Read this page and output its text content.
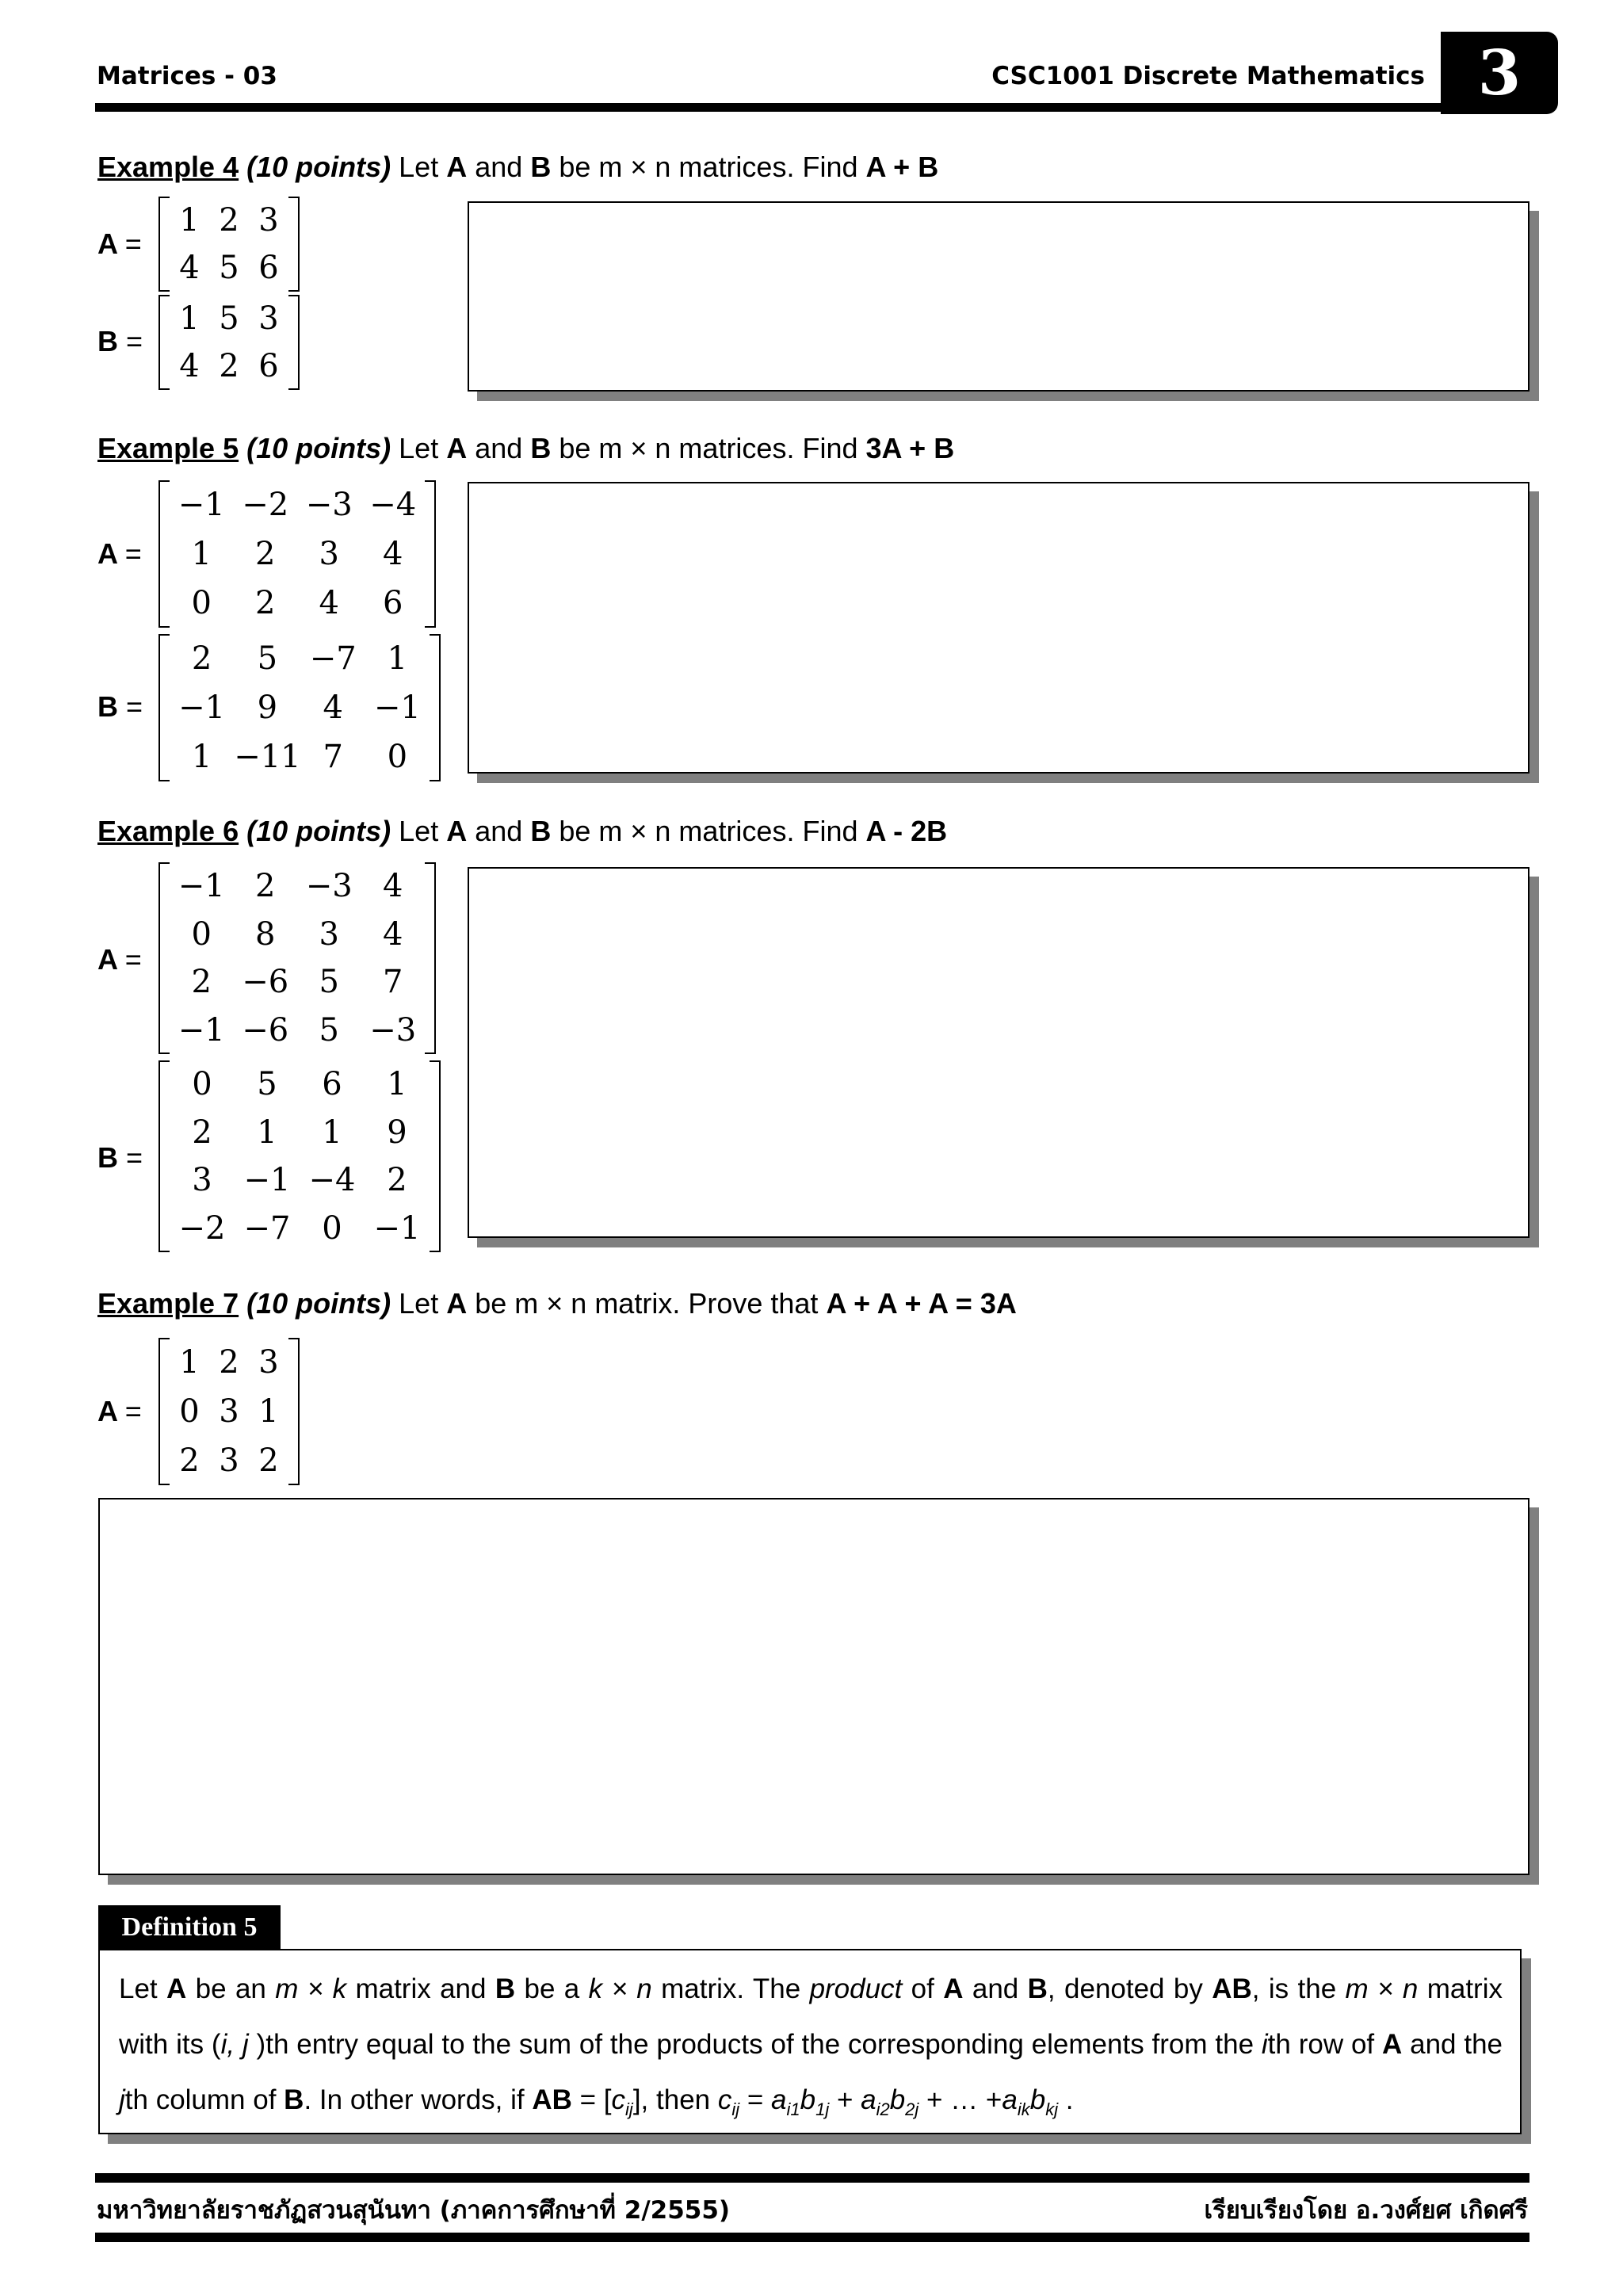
Matrices - 03	CSC1001 Discrete Mathematics 3
Example 4 (10 points) Let A and B be m × n matrices. Find A + B
A =
1 2 3
4 5 6
B =
1 5 3
4 2 6
Example 5 (10 points) Let A and B be m × n matrices. Find 3A + B
A =
−1 −2 −3 −4
1	2	3	4
0	2	4	6
B =
2	5	−7 1
−1	9	4 −1
1 −11 7	0
Example 6 (10 points) Let A and B be m × n matrices. Find A - 2B
A =
−1 2 −3 4
0	8	3	4
2 −6 5	7
−1 −6 5 −3
B =
0	5	6	1
2	1	1	9
3 −1 −4 2
−2 −7 0 −1
Example 7 (10 points) Let A be m × n matrix. Prove that A + A + A = 3A
A =
1 2 3
0 3 1
2 3 2
Definition 5
Let A be an m × k matrix and B be a k × n matrix. The product of A and B, denoted by AB, is the m × n matrix with its (i, j )th entry equal to the sum of the products of the corresponding elements from the ith row of A and the jth column of B. In other words, if AB = $[c_{ij}]$, then $c_{ij} = a_{i1}b_{1j} + a_{i2}b_{2j}$ + … $+a_{ik}b_{kj}$ .
มหาวิทยาลัยราชภัฏสวนสุนันทา (ภาคการศึกษาที่ 2/2555)	เรียบเรียงโดย อ.วงศ์ยศ เกิดศรี
